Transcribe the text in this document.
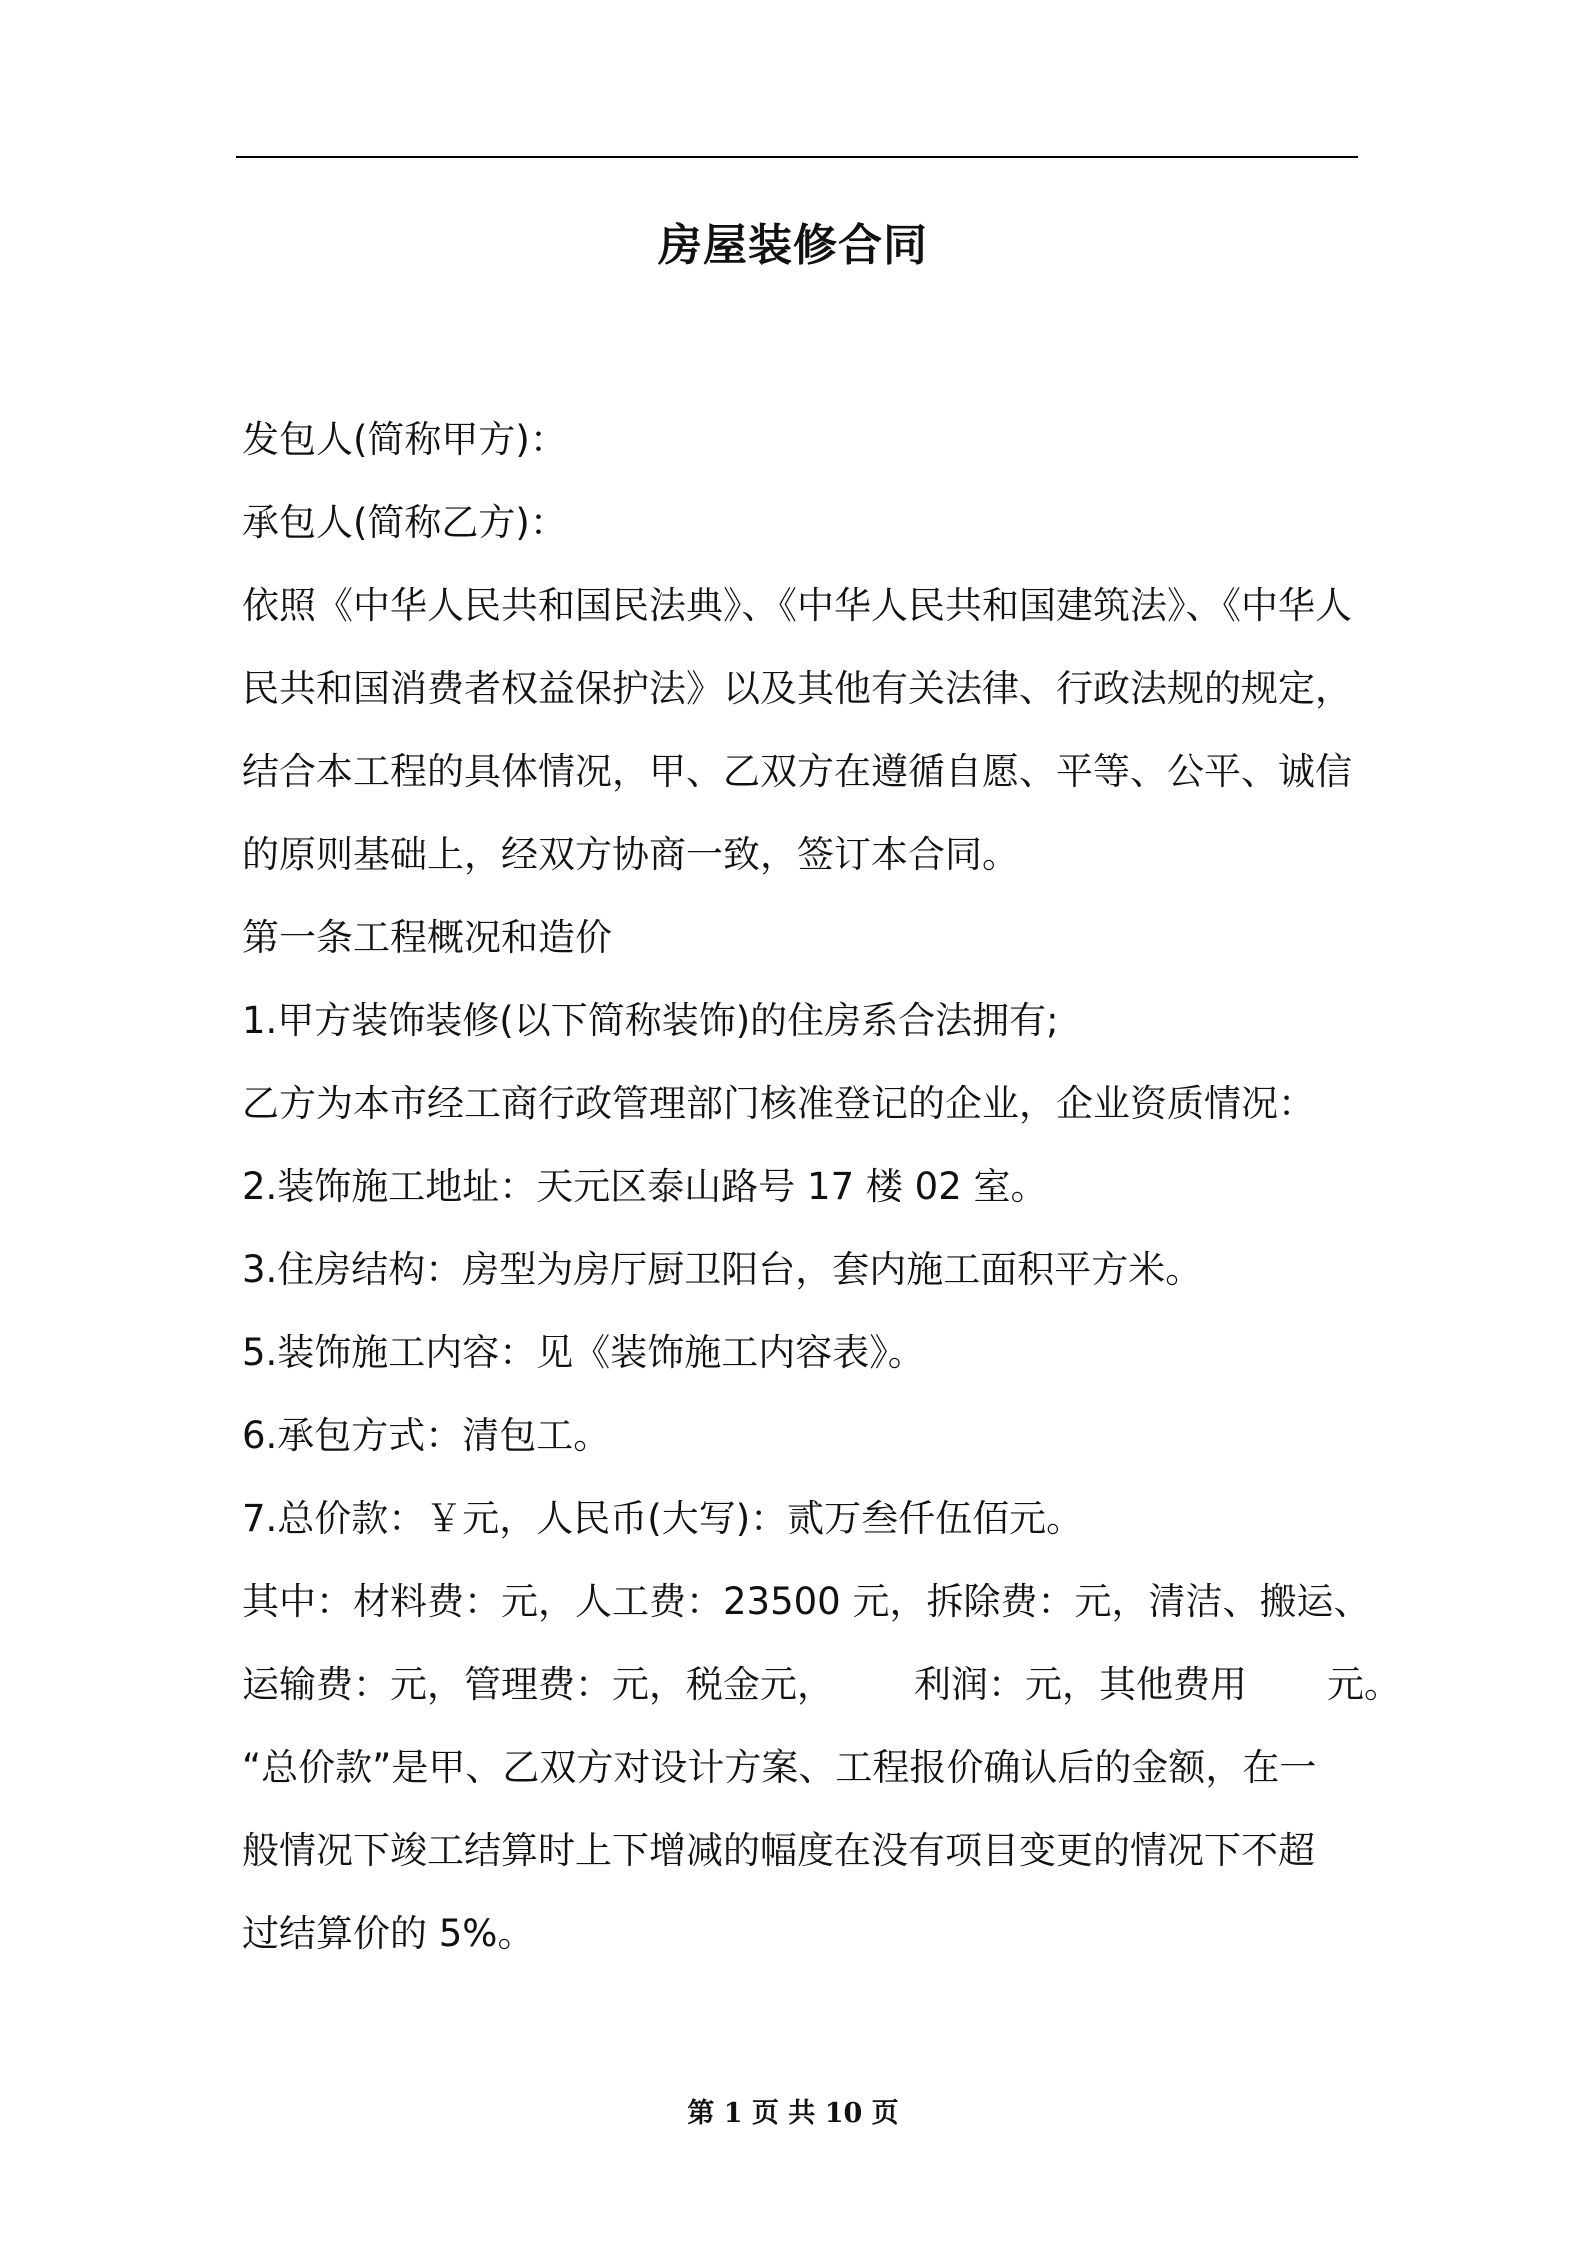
房屋装修合同
发包人(简称甲方)：
承包人(简称乙方)：
依照《中华人民共和国民法典》、《中华人民共和国建筑法》、《中华人
民共和国消费者权益保护法》以及其他有关法律、行政法规的规定，
结合本工程的具体情况，甲、乙双方在遵循自愿、平等、公平、诚信
的原则基础上，经双方协商一致，签订本合同。
第一条工程概况和造价
1.甲方装饰装修(以下简称装饰)的住房系合法拥有;
乙方为本市经工商行政管理部门核准登记的企业，企业资质情况：
2.装饰施工地址：天元区泰山路号 17 楼 02 室。
3.住房结构：房型为房厅厨卫阳台，套内施工面积平方米。
5.装饰施工内容：见《装饰施工内容表》。
6.承包方式：清包工。
7.总价款：￥元，人民币(大写)：贰万叁仟伍佰元。
其中：材料费：元，人工费：23500 元，拆除费：元，清洁、搬运、
运输费：元，管理费：元，税金元， 利润：元，其他费用 元。
“总价款”是甲、乙双方对设计方案、工程报价确认后的金额，在一
般情况下竣工结算时上下增减的幅度在没有项目变更的情况下不超
过结算价的 5%。
第 1 页 共 10 页
